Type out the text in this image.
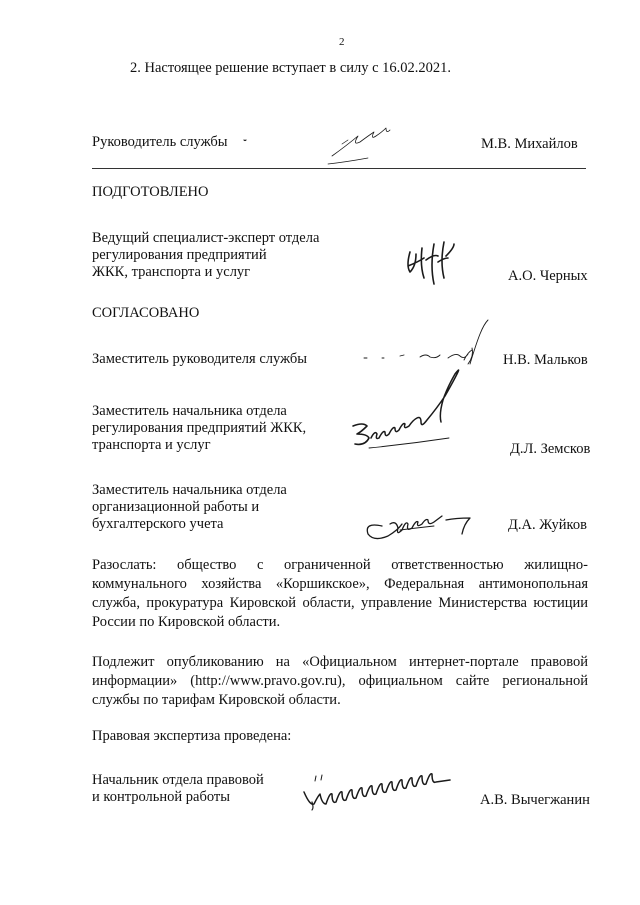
2
2. Настоящее решение вступает в силу с 16.02.2021.
Руководитель службы	М.В. Михайлов
ПОДГОТОВЛЕНО
Ведущий специалист-эксперт отдела
регулирования предприятий
ЖКК, транспорта и услуг	А.О. Черных
СОГЛАСОВАНО
Заместитель руководителя службы	Н.В. Мальков
Заместитель начальника отдела
регулирования предприятий ЖКК,
транспорта и услуг	Д.Л. Земсков
Заместитель начальника отдела
организационной работы и
бухгалтерского учета	Д.А. Жуйков
Разослать: общество с ограниченной ответственностью жилищно-коммунального хозяйства «Коршикское», Федеральная антимонопольная служба, прокуратура Кировской области, управление Министерства юстиции России по Кировской области.
Подлежит опубликованию на «Официальном интернет-портале правовой информации» (http://www.pravo.gov.ru), официальном сайте региональной службы по тарифам Кировской области.
Правовая экспертиза проведена:
Начальник отдела правовой
и контрольной работы	А.В. Вычегжанин
